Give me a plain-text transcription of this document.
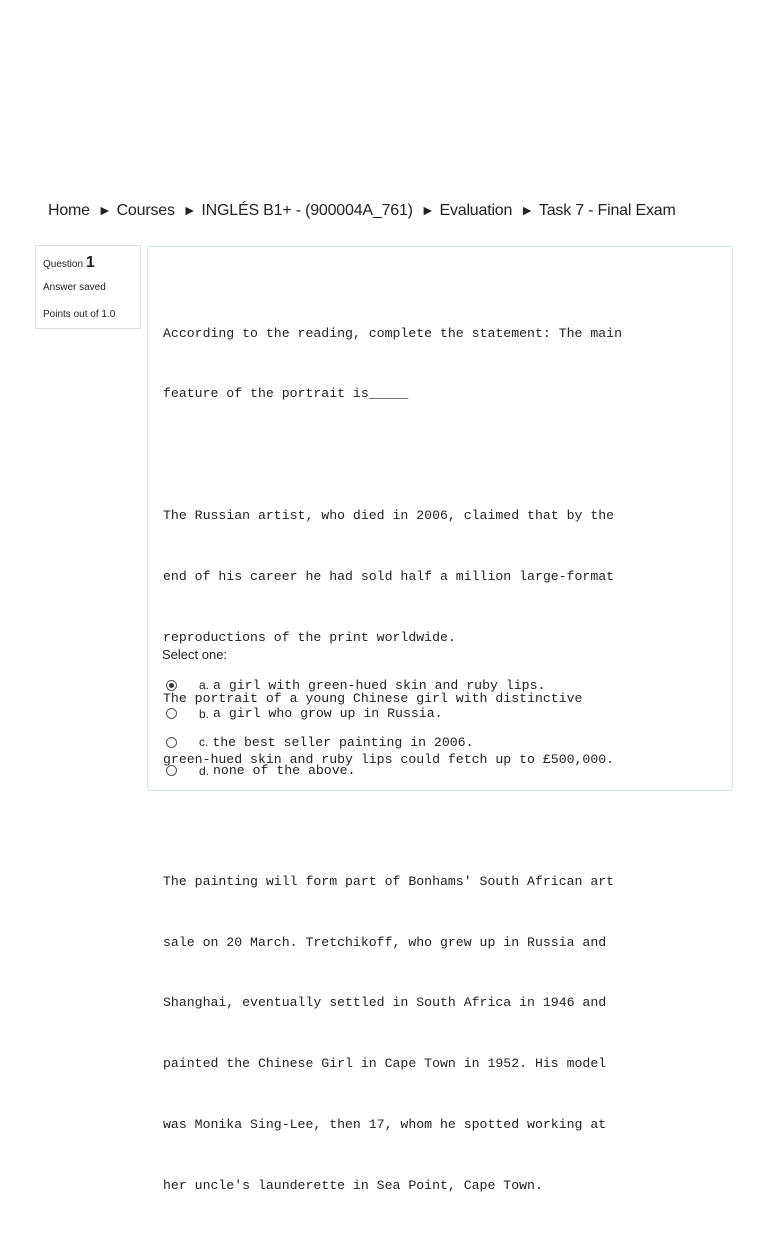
Home ► Courses ► INGLÉS B1+ - (900004A_761) ► Evaluation ► Task 7 - Final Exam
Question 1
Answer saved
Points out of 1.0

According to the reading, complete the statement: The main

feature of the portrait is_____

The Russian artist, who died in 2006, claimed that by the

end of his career he had sold half a million large-format

reproductions of the print worldwide.

The portrait of a young Chinese girl with distinctive

green-hued skin and ruby lips could fetch up to £500,000.

The painting will form part of Bonhams' South African art

sale on 20 March. Tretchikoff, who grew up in Russia and

Shanghai, eventually settled in South Africa in 1946 and

painted the Chinese Girl in Cape Town in 1952. His model

was Monika Sing-Lee, then 17, whom he spotted working at

her uncle's launderette in Sea Point, Cape Town.

Select one:
a. a girl with green-hued skin and ruby lips.
b. a girl who grow up in Russia.
c. the best seller painting in 2006.
d. none of the above.
